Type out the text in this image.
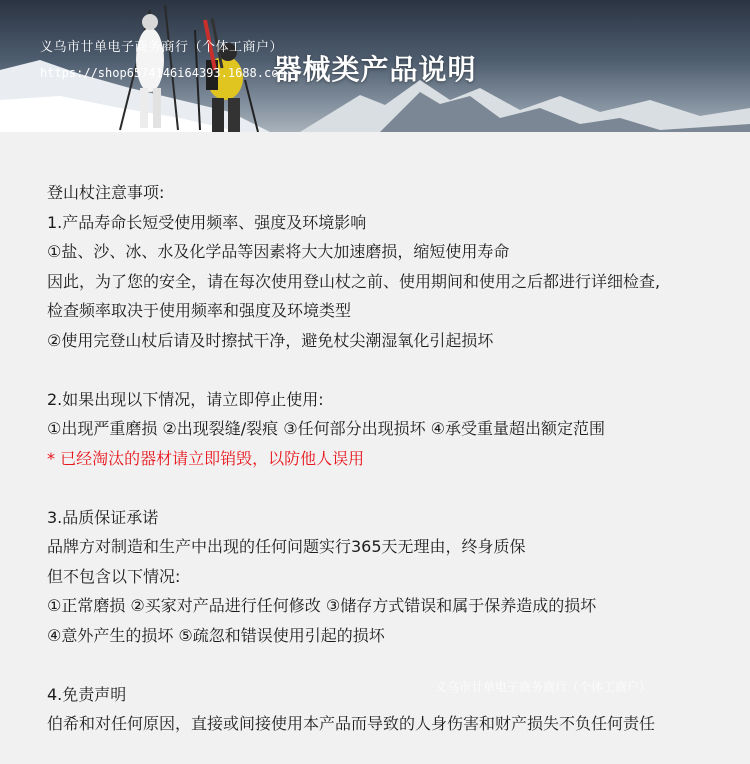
义乌市廿单电子商务商行（个体工商户）
https://shop6574146i64393.1688.com
器械类产品说明
登山杖注意事项:
1.产品寿命长短受使用频率、强度及环境影响
①盐、沙、冰、水及化学品等因素将大大加速磨损，缩短使用寿命
因此，为了您的安全，请在每次使用登山杖之前、使用期间和使用之后都进行详细检查,
检查频率取决于使用频率和强度及环境类型
②使用完登山杖后请及时擦拭干净，避免杖尖潮湿氧化引起损坏
2.如果出现以下情况，请立即停止使用:
①出现严重磨损 ②出现裂缝/裂痕 ③任何部分出现损坏 ④承受重量超出额定范围
* 已经淘汰的器材请立即销毁，以防他人误用
3.品质保证承诺
品牌方对制造和生产中出现的任何问题实行365天无理由，终身质保
但不包含以下情况:
①正常磨损 ②买家对产品进行任何修改 ③储存方式错误和属于保养造成的损坏
④意外产生的损坏 ⑤疏忽和错误使用引起的损坏
4.免责声明
伯希和对任何原因，直接或间接使用本产品而导致的人身伤害和财产损失不负任何责任
义乌市廿单电子商务商行（个体工商户）
